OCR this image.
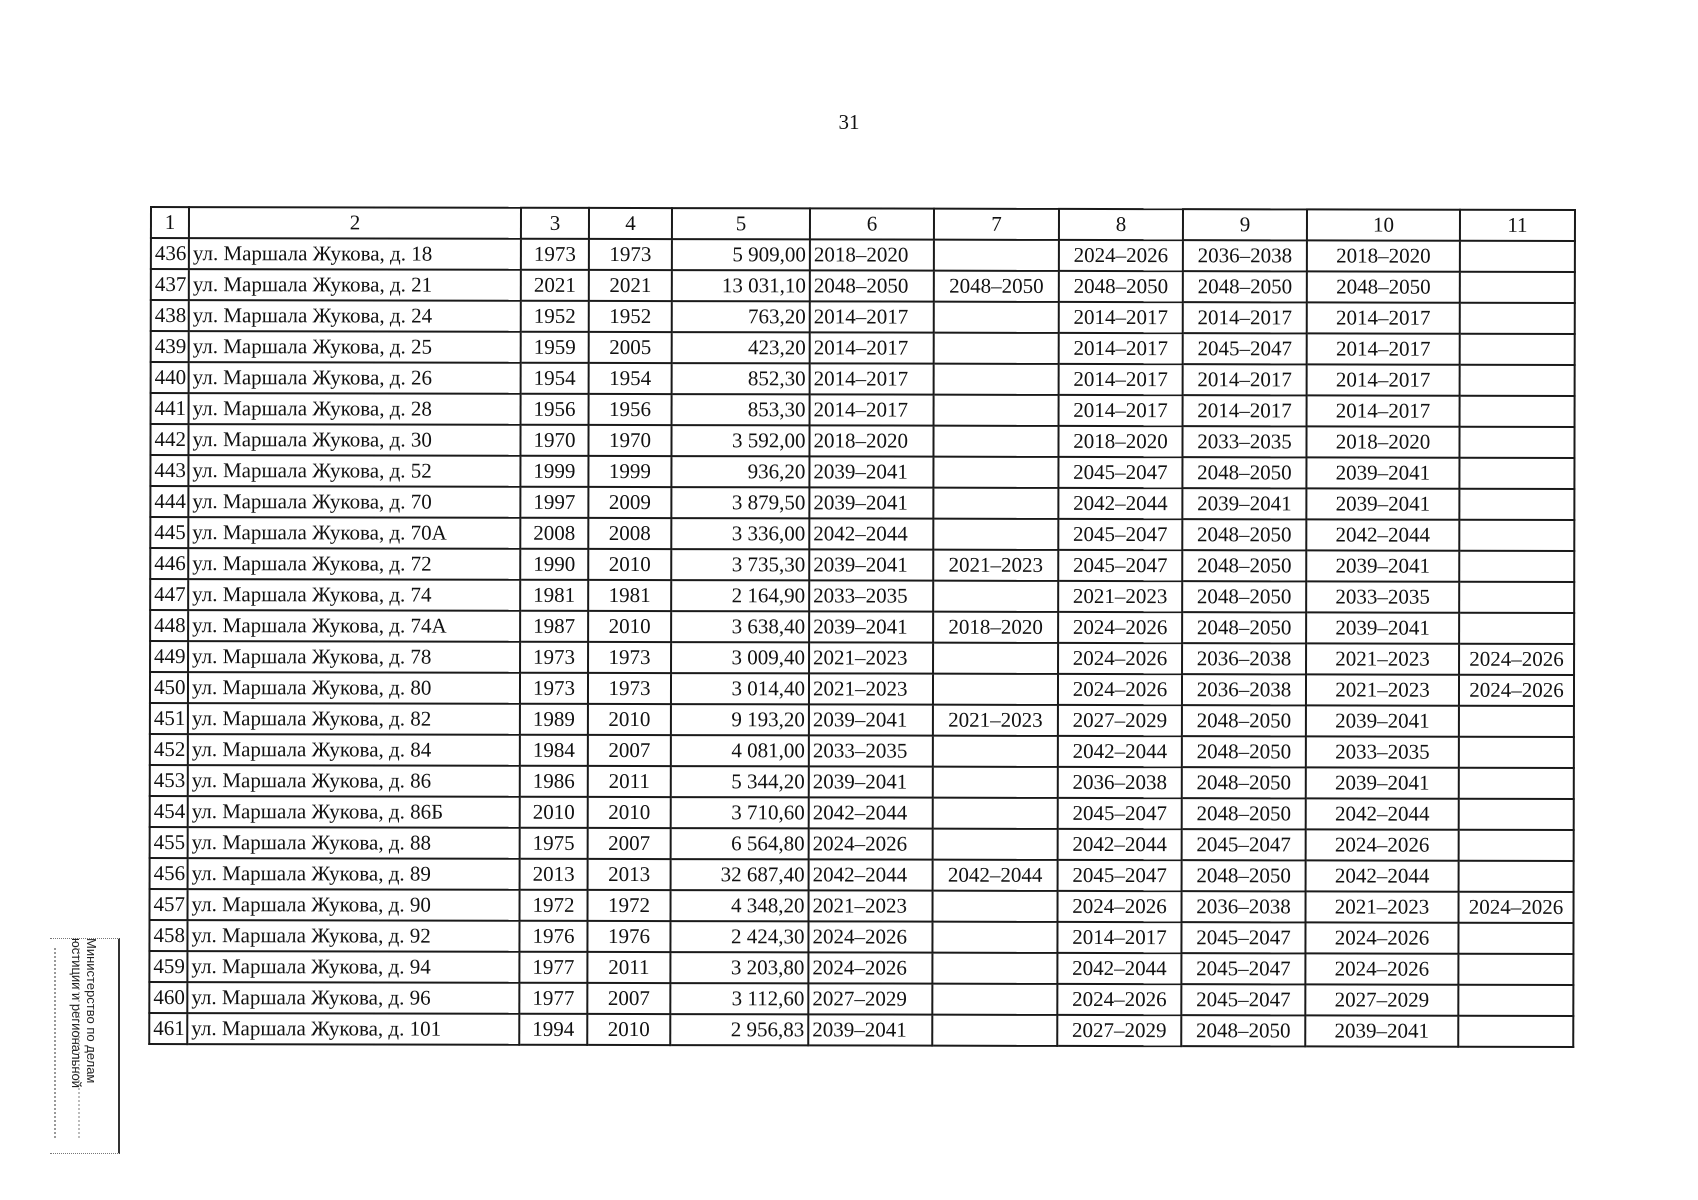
31
1	2	3	4	5	6	7	8	9	10	11
436	ул. Маршала Жукова, д. 18	1973	1973	5 909,00	2018–2020		2024–2026	2036–2038	2018–2020	
437	ул. Маршала Жукова, д. 21	2021	2021	13 031,10	2048–2050	2048–2050	2048–2050	2048–2050	2048–2050	
438	ул. Маршала Жукова, д. 24	1952	1952	763,20	2014–2017		2014–2017	2014–2017	2014–2017	
439	ул. Маршала Жукова, д. 25	1959	2005	423,20	2014–2017		2014–2017	2045–2047	2014–2017	
440	ул. Маршала Жукова, д. 26	1954	1954	852,30	2014–2017		2014–2017	2014–2017	2014–2017	
441	ул. Маршала Жукова, д. 28	1956	1956	853,30	2014–2017		2014–2017	2014–2017	2014–2017	
442	ул. Маршала Жукова, д. 30	1970	1970	3 592,00	2018–2020		2018–2020	2033–2035	2018–2020	
443	ул. Маршала Жукова, д. 52	1999	1999	936,20	2039–2041		2045–2047	2048–2050	2039–2041	
444	ул. Маршала Жукова, д. 70	1997	2009	3 879,50	2039–2041		2042–2044	2039–2041	2039–2041	
445	ул. Маршала Жукова, д. 70А	2008	2008	3 336,00	2042–2044		2045–2047	2048–2050	2042–2044	
446	ул. Маршала Жукова, д. 72	1990	2010	3 735,30	2039–2041	2021–2023	2045–2047	2048–2050	2039–2041	
447	ул. Маршала Жукова, д. 74	1981	1981	2 164,90	2033–2035		2021–2023	2048–2050	2033–2035	
448	ул. Маршала Жукова, д. 74А	1987	2010	3 638,40	2039–2041	2018–2020	2024–2026	2048–2050	2039–2041	
449	ул. Маршала Жукова, д. 78	1973	1973	3 009,40	2021–2023		2024–2026	2036–2038	2021–2023	2024–2026
450	ул. Маршала Жукова, д. 80	1973	1973	3 014,40	2021–2023		2024–2026	2036–2038	2021–2023	2024–2026
451	ул. Маршала Жукова, д. 82	1989	2010	9 193,20	2039–2041	2021–2023	2027–2029	2048–2050	2039–2041	
452	ул. Маршала Жукова, д. 84	1984	2007	4 081,00	2033–2035		2042–2044	2048–2050	2033–2035	
453	ул. Маршала Жукова, д. 86	1986	2011	5 344,20	2039–2041		2036–2038	2048–2050	2039–2041	
454	ул. Маршала Жукова, д. 86Б	2010	2010	3 710,60	2042–2044		2045–2047	2048–2050	2042–2044	
455	ул. Маршала Жукова, д. 88	1975	2007	6 564,80	2024–2026		2042–2044	2045–2047	2024–2026	
456	ул. Маршала Жукова, д. 89	2013	2013	32 687,40	2042–2044	2042–2044	2045–2047	2048–2050	2042–2044	
457	ул. Маршала Жукова, д. 90	1972	1972	4 348,20	2021–2023		2024–2026	2036–2038	2021–2023	2024–2026
458	ул. Маршала Жукова, д. 92	1976	1976	2 424,30	2024–2026		2014–2017	2045–2047	2024–2026	
459	ул. Маршала Жукова, д. 94	1977	2011	3 203,80	2024–2026		2042–2044	2045–2047	2024–2026	
460	ул. Маршала Жукова, д. 96	1977	2007	3 112,60	2027–2029		2024–2026	2045–2047	2027–2029	
461	ул. Маршала Жукова, д. 101	1994	2010	2 956,83	2039–2041		2027–2029	2048–2050	2039–2041	
Министерство по делам
юстиции и региональной
